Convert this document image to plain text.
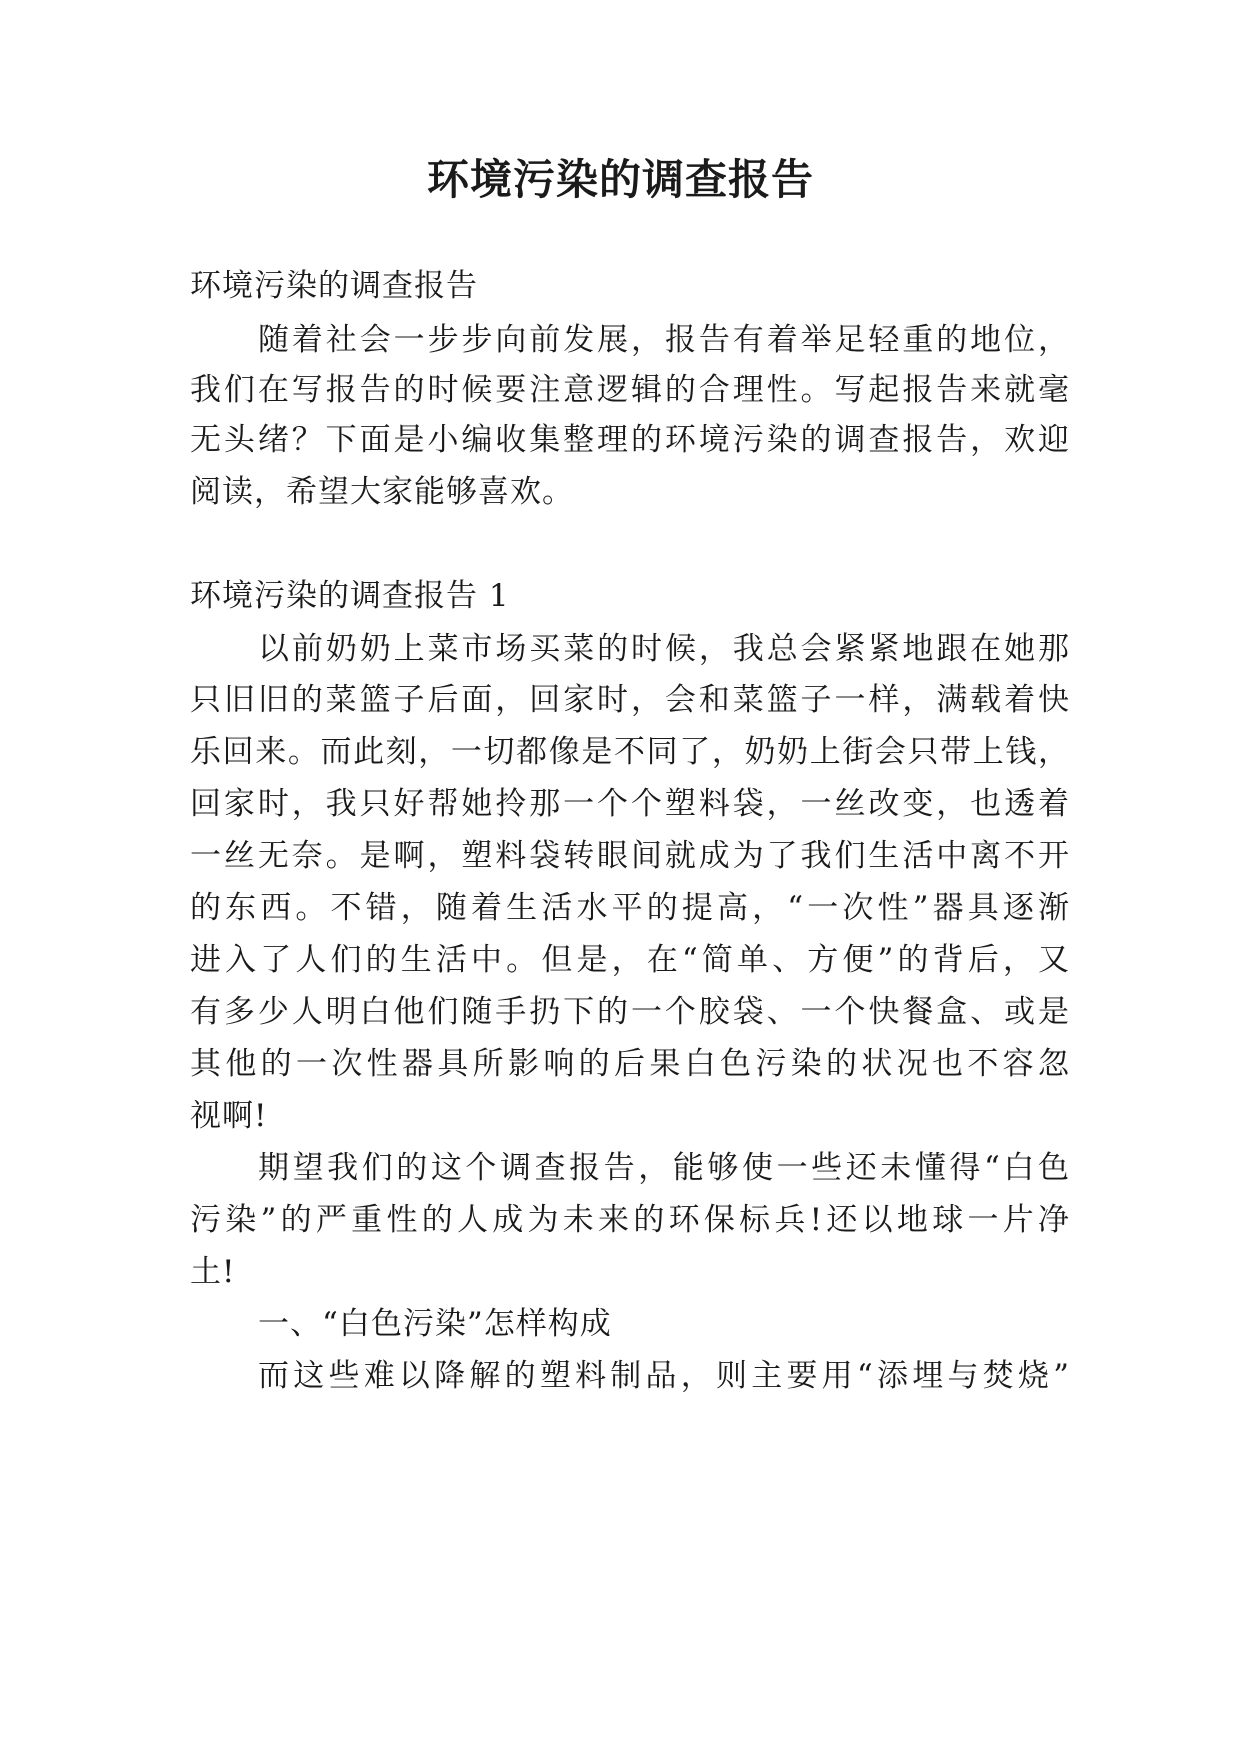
环境污染的调查报告

环境污染的调查报告

随着社会一步步向前发展，报告有着举足轻重的地位，

我们在写报告的时候要注意逻辑的合理性。写起报告来就毫

无头绪？下面是小编收集整理的环境污染的调查报告，欢迎

阅读，希望大家能够喜欢。

环境污染的调查报告 1

以前奶奶上菜市场买菜的时候，我总会紧紧地跟在她那

只旧旧的菜篮子后面，回家时，会和菜篮子一样，满载着快

乐回来。而此刻，一切都像是不同了，奶奶上街会只带上钱，

回家时，我只好帮她拎那一个个塑料袋，一丝改变，也透着

一丝无奈。是啊，塑料袋转眼间就成为了我们生活中离不开

的东西。不错，随着生活水平的提高，“一次性”器具逐渐

进入了人们的生活中。但是，在“简单、方便”的背后，又

有多少人明白他们随手扔下的一个胶袋、一个快餐盒、或是

其他的一次性器具所影响的后果白色污染的状况也不容忽

视啊!

期望我们的这个调查报告，能够使一些还未懂得“白色

污染”的严重性的人成为未来的环保标兵!还以地球一片净

土!

一、“白色污染”怎样构成

而这些难以降解的塑料制品，则主要用“添埋与焚烧”
